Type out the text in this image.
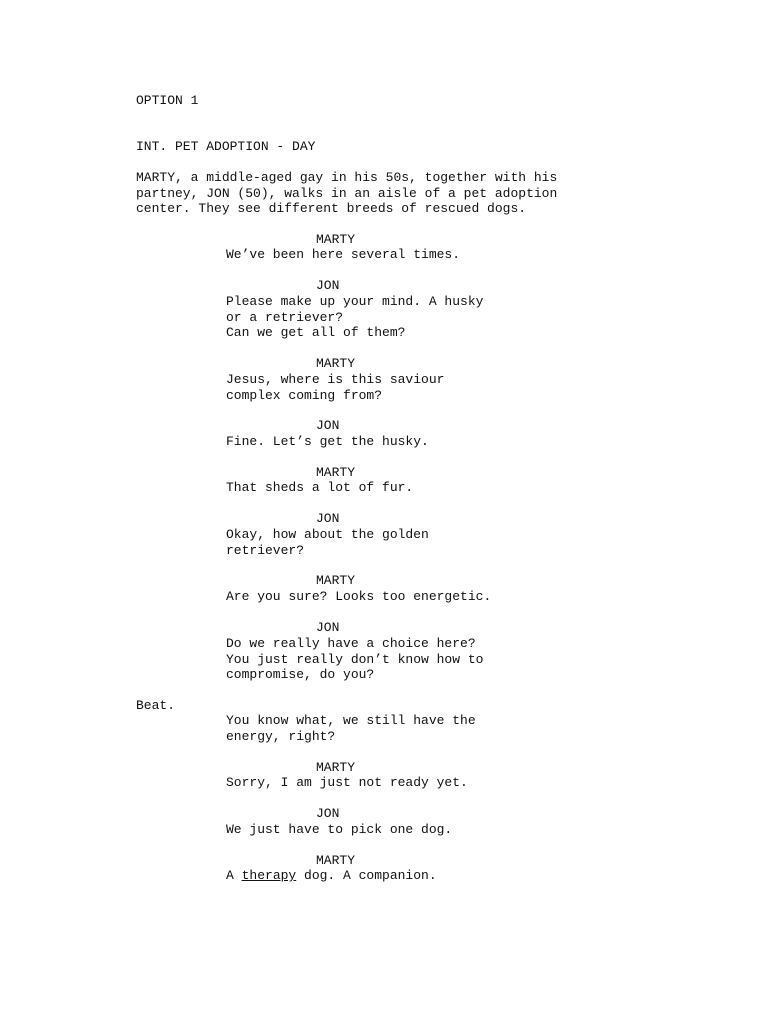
OPTION 1
INT. PET ADOPTION - DAY
MARTY, a middle-aged gay in his 50s, together with his
partney, JON (50), walks in an aisle of a pet adoption
center. They see different breeds of rescued dogs.
MARTY
We’ve been here several times.
JON
Please make up your mind. A husky
or a retriever?
Can we get all of them?
MARTY
Jesus, where is this saviour
complex coming from?
JON
Fine. Let’s get the husky.
MARTY
That sheds a lot of fur.
JON
Okay, how about the golden
retriever?
MARTY
Are you sure? Looks too energetic.
JON
Do we really have a choice here?
You just really don’t know how to
compromise, do you?
Beat.
You know what, we still have the
energy, right?
MARTY
Sorry, I am just not ready yet.
JON
We just have to pick one dog.
MARTY
A therapy dog. A companion.
